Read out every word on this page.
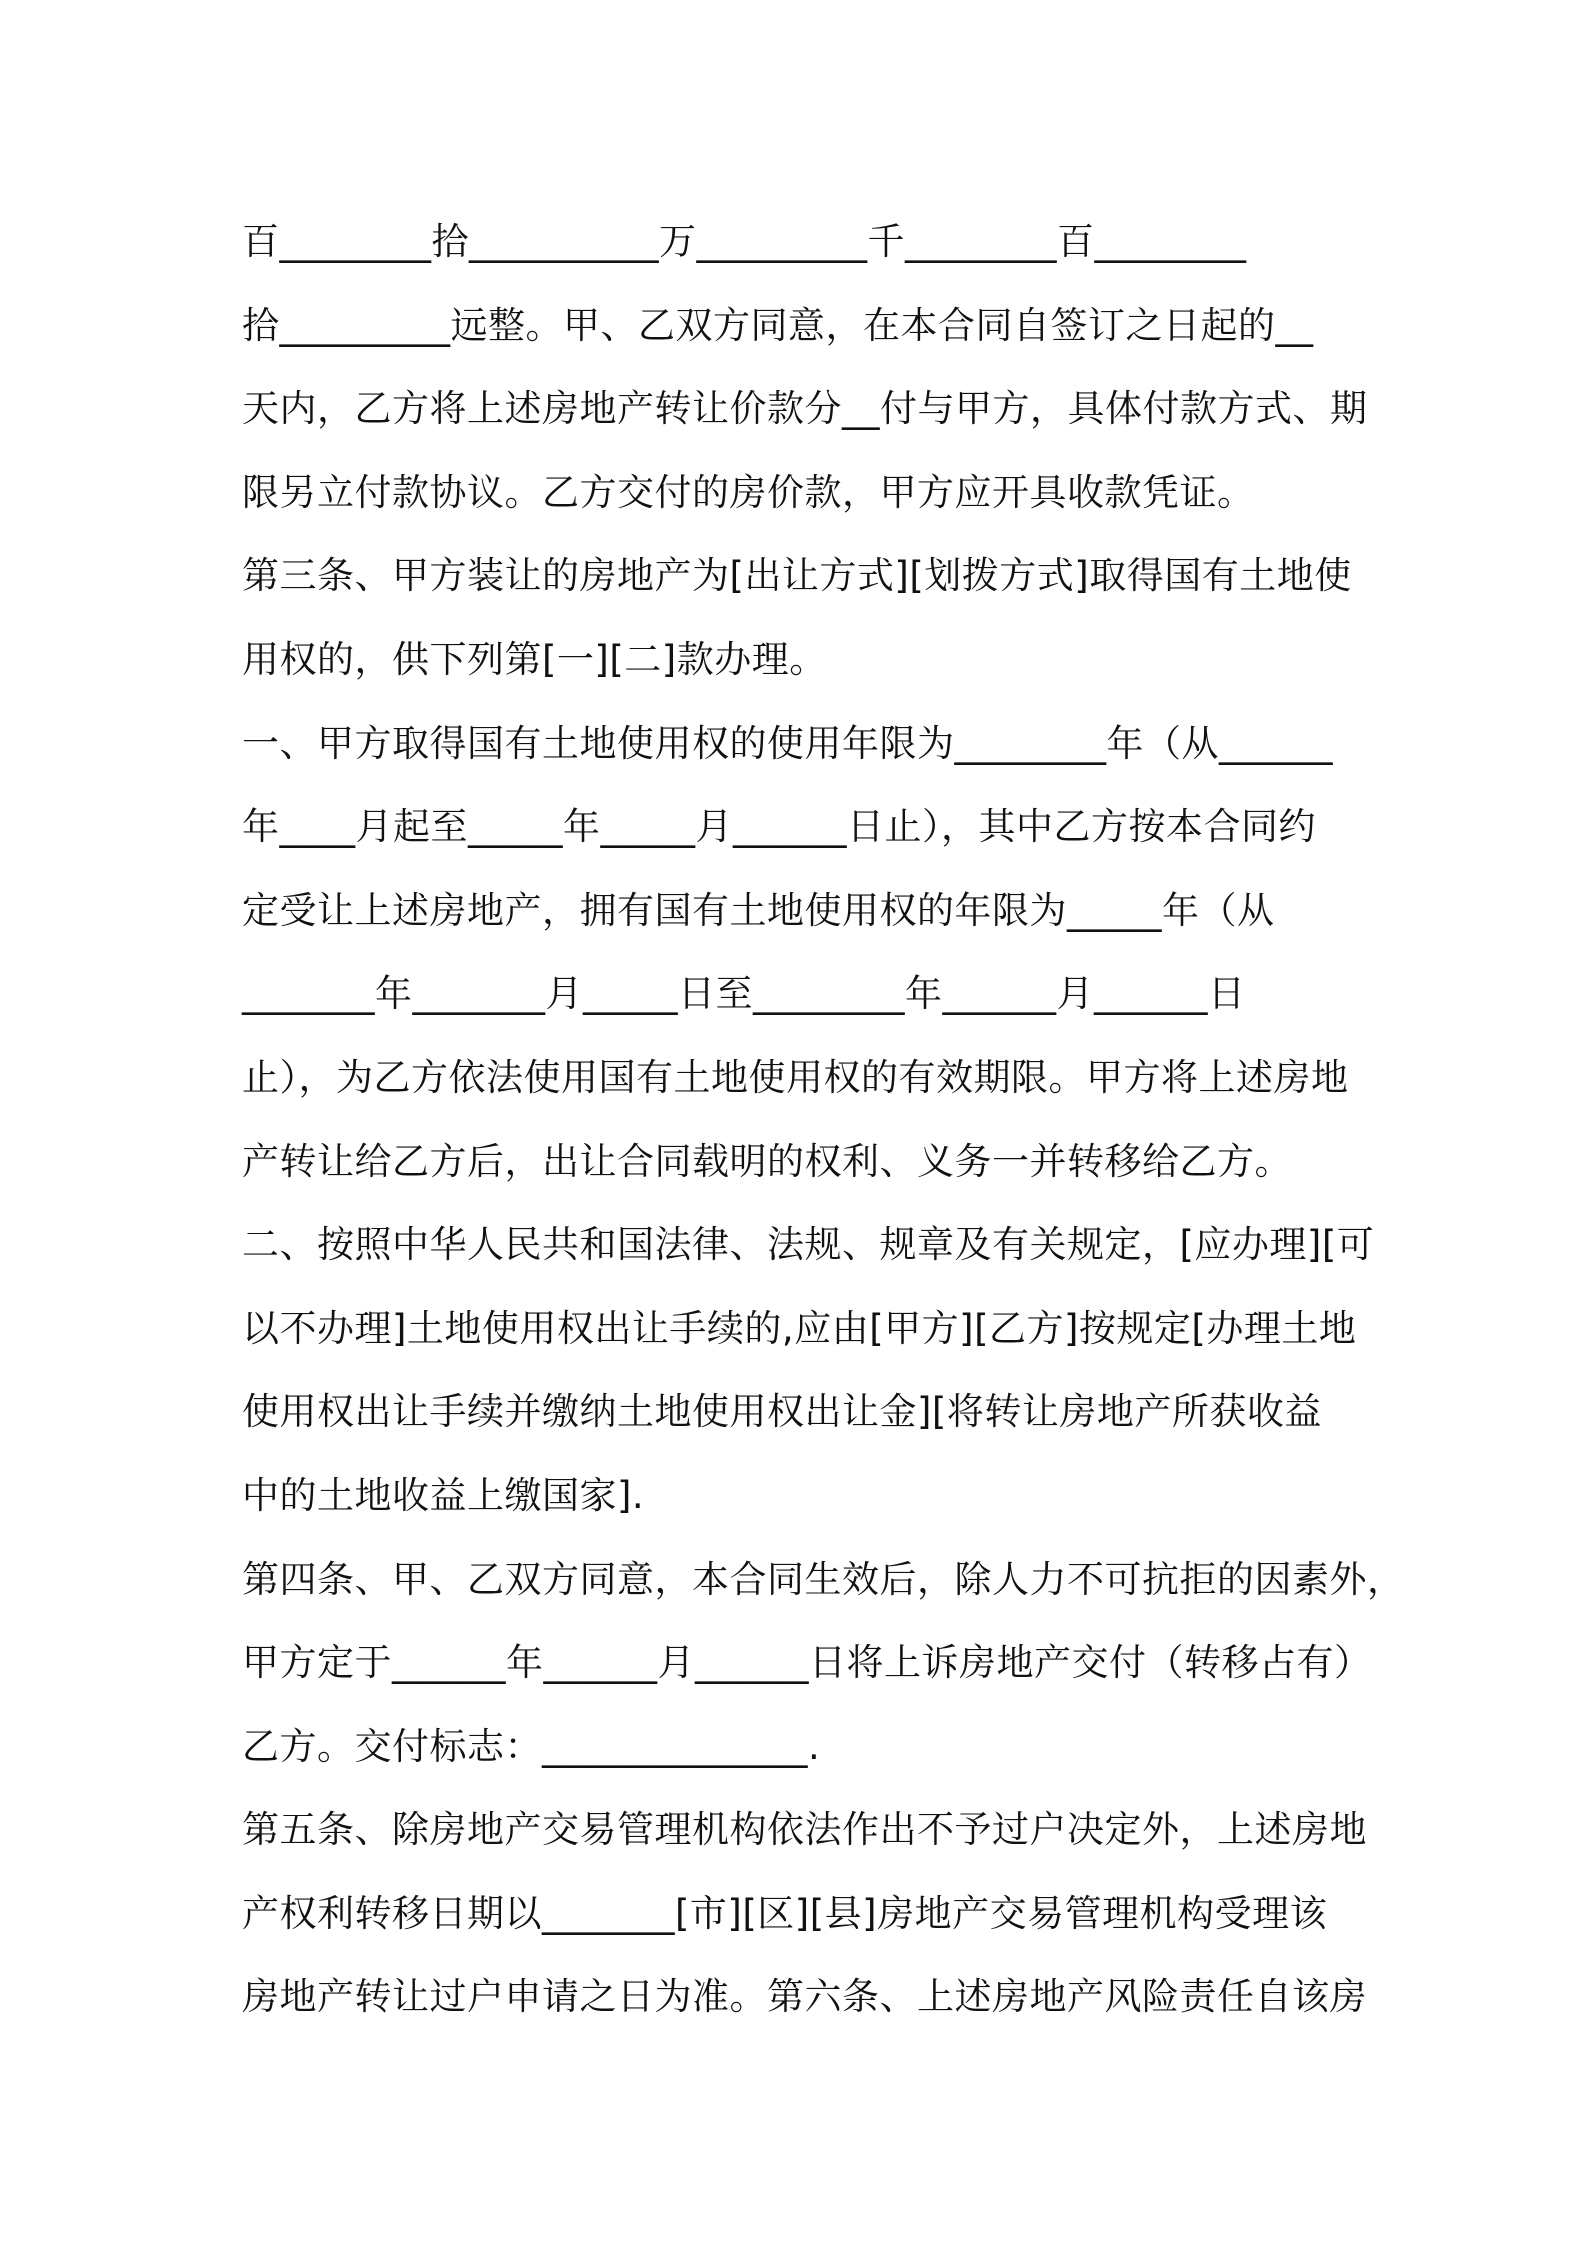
百________拾__________万_________千________百________
拾_________远整。甲、乙双方同意，在本合同自签订之日起的__
天内，乙方将上述房地产转让价款分__付与甲方，具体付款方式、期
限另立付款协议。乙方交付的房价款，甲方应开具收款凭证。
第三条、甲方装让的房地产为[出让方式][划拨方式]取得国有土地使
用权的，供下列第[一][二]款办理。
一、甲方取得国有土地使用权的使用年限为________年（从______
年____月起至_____年_____月______日止），其中乙方按本合同约
定受让上述房地产，拥有国有土地使用权的年限为_____年（从
_______年_______月_____日至________年______月______日
止），为乙方依法使用国有土地使用权的有效期限。甲方将上述房地
产转让给乙方后，出让合同载明的权利、义务一并转移给乙方。
二、按照中华人民共和国法律、法规、规章及有关规定，[应办理][可
以不办理]土地使用权出让手续的,应由[甲方][乙方]按规定[办理土地
使用权出让手续并缴纳土地使用权出让金][将转让房地产所获收益
中的土地收益上缴国家].
第四条、甲、乙双方同意，本合同生效后，除人力不可抗拒的因素外，
甲方定于______年______月______日将上诉房地产交付（转移占有）
乙方。交付标志：______________.
第五条、除房地产交易管理机构依法作出不予过户决定外，上述房地
产权利转移日期以_______[市][区][县]房地产交易管理机构受理该
房地产转让过户申请之日为准。第六条、上述房地产风险责任自该房
